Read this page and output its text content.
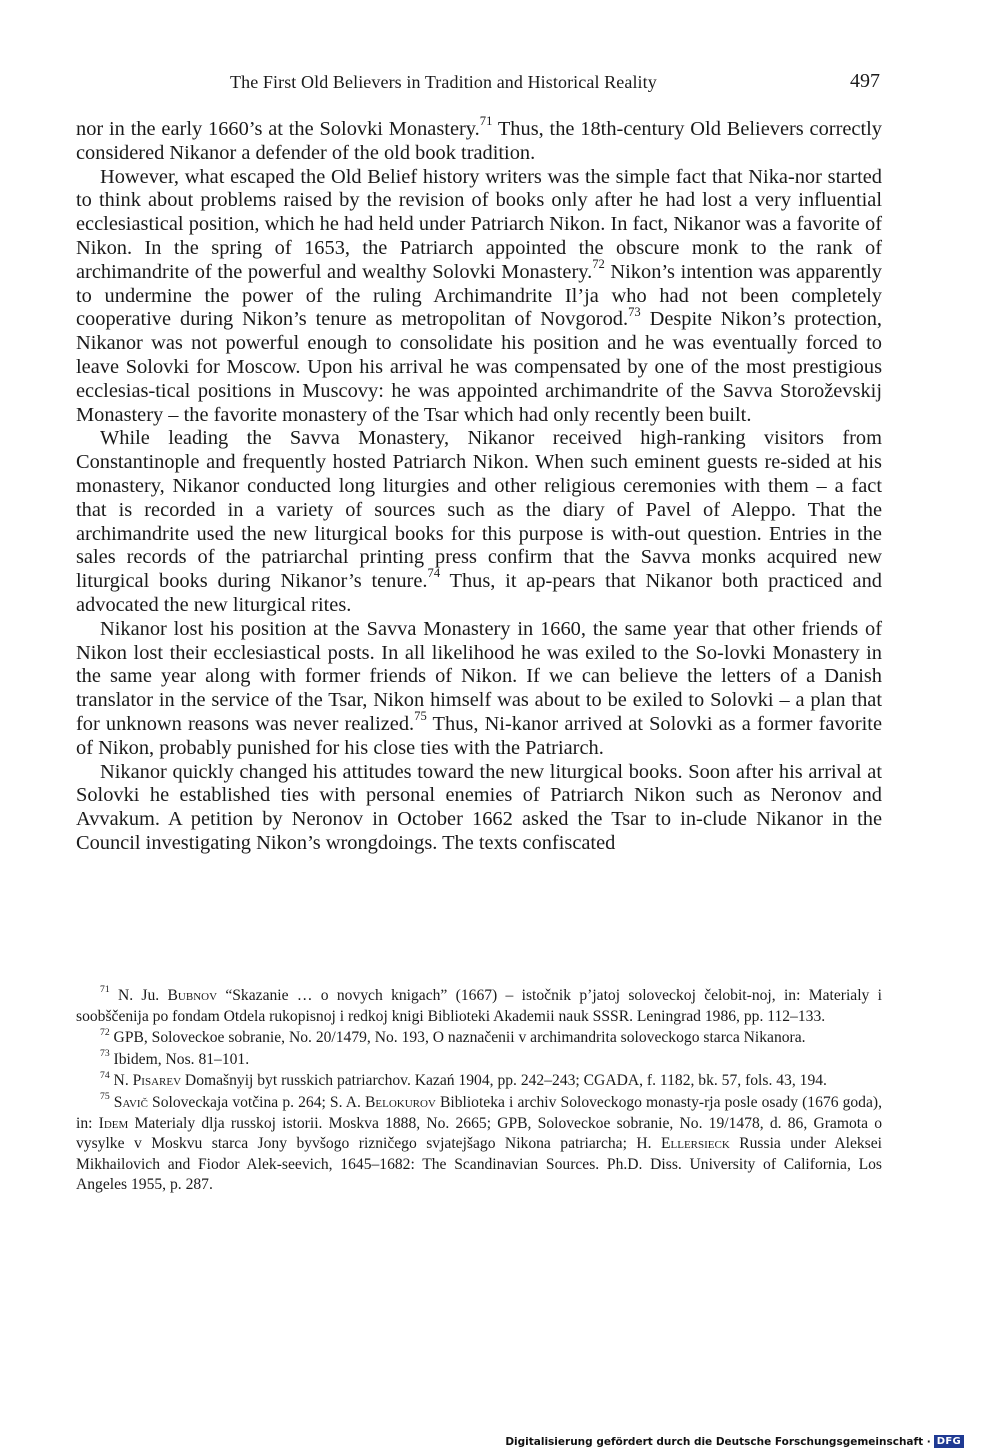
The First Old Believers in Tradition and Historical Reality	497

nor in the early 1660’s at the Solovki Monastery.$^{71}$ Thus, the 18th-century Old Believers correctly considered Nikanor a defender of the old book tradition.

However, what escaped the Old Belief history writers was the simple fact that Nika-nor started to think about problems raised by the revision of books only after he had lost a very influential ecclesiastical position, which he had held under Patriarch Nikon. In fact, Nikanor was a favorite of Nikon. In the spring of 1653, the Patriarch appointed the obscure monk to the rank of archimandrite of the powerful and wealthy Solovki Monastery.$^{72}$ Nikon’s intention was apparently to undermine the power of the ruling Archimandrite Il’ja who had not been completely cooperative during Nikon’s tenure as metropolitan of Novgorod.$^{73}$ Despite Nikon’s protection, Nikanor was not powerful enough to consolidate his position and he was eventually forced to leave Solovki for Moscow. Upon his arrival he was compensated by one of the most prestigious ecclesias-tical positions in Muscovy: he was appointed archimandrite of the Savva Storoževskij Monastery – the favorite monastery of the Tsar which had only recently been built.

While leading the Savva Monastery, Nikanor received high-ranking visitors from Constantinople and frequently hosted Patriarch Nikon. When such eminent guests re-sided at his monastery, Nikanor conducted long liturgies and other religious ceremonies with them – a fact that is recorded in a variety of sources such as the diary of Pavel of Aleppo. That the archimandrite used the new liturgical books for this purpose is with-out question. Entries in the sales records of the patriarchal printing press confirm that the Savva monks acquired new liturgical books during Nikanor’s tenure.$^{74}$ Thus, it ap-pears that Nikanor both practiced and advocated the new liturgical rites.

Nikanor lost his position at the Savva Monastery in 1660, the same year that other friends of Nikon lost their ecclesiastical posts. In all likelihood he was exiled to the So-lovki Monastery in the same year along with former friends of Nikon. If we can believe the letters of a Danish translator in the service of the Tsar, Nikon himself was about to be exiled to Solovki – a plan that for unknown reasons was never realized.$^{75}$ Thus, Ni-kanor arrived at Solovki as a former favorite of Nikon, probably punished for his close ties with the Patriarch.

Nikanor quickly changed his attitudes toward the new liturgical books. Soon after his arrival at Solovki he established ties with personal enemies of Patriarch Nikon such as Neronov and Avvakum. A petition by Neronov in October 1662 asked the Tsar to in-clude Nikanor in the Council investigating Nikon’s wrongdoings. The texts confiscated

$^{71}$ N. Ju. Bubnov “Skazanie … o novych knigach” (1667) – istočnik p’jatoj soloveckoj čelobit-noj, in: Materialy i soobščenija po fondam Otdela rukopisnoj i redkoj knigi Biblioteki Akademii nauk SSSR. Leningrad 1986, pp. 112–133.

$^{72}$ GPB, Soloveckoe sobranie, No. 20/1479, No. 193, O naznačenii v archimandrita soloveckogo starca Nikanora.

$^{73}$ Ibidem, Nos. 81–101.

$^{74}$ N. Pisarev Domašnyij byt russkich patriarchov. Kazań 1904, pp. 242–243; CGADA, f. 1182, bk. 57, fols. 43, 194.

$^{75}$ Savič Soloveckaja votčina p. 264; S. A. Belokurov Biblioteka i archiv Soloveckogo monasty-rja posle osady (1676 goda), in: Idem Materialy dlja russkoj istorii. Moskva 1888, No. 2665; GPB, Soloveckoe sobranie, No. 19/1478, d. 86, Gramota o vysylke v Moskvu starca Jony byvšogo rizničego svjatejšago Nikona patriarcha; H. Ellersieck Russia under Aleksei Mikhailovich and Fiodor Alek-seevich, 1645–1682: The Scandinavian Sources. Ph.D. Diss. University of California, Los Angeles 1955, p. 287.

Digitalisierung gefördert durch die Deutsche Forschungsgemeinschaft · DFG
